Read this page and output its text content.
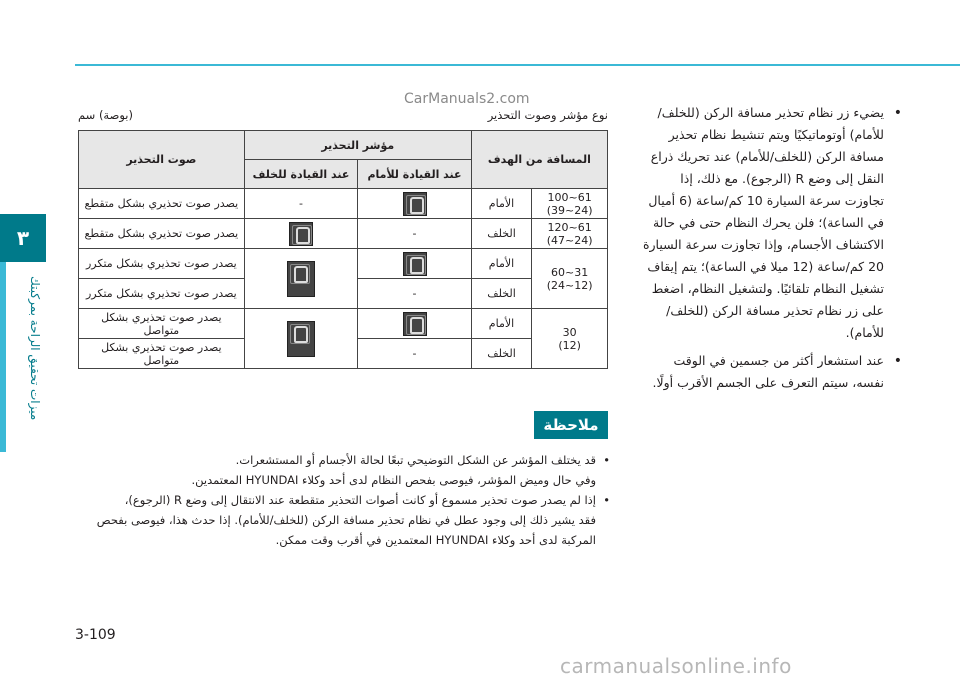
٣
ميزات تحقيق الراحة بمركبتك
CarManuals2.com

• يضيء زر نظام تحذير مسافة الركن (للخلف/ للأمام) أوتوماتيكيًا ويتم تنشيط نظام تحذير مسافة الركن (للخلف/للأمام) عند تحريك ذراع النقل إلى وضع R (الرجوع). مع ذلك، إذا تجاوزت سرعة السيارة 10 كم/ساعة (6 أميال في الساعة)؛ فلن يحرك النظام حتى في حالة الاكتشاف الأجسام، وإذا تجاوزت سرعة السيارة 20 كم/ساعة (12 ميلا في الساعة)؛ يتم إيقاف تشغيل النظام تلقائيًا. ولتشغيل النظام، اضغط على زر نظام تحذير مسافة الركن (للخلف/للأمام).

• عند استشعار أكثر من جسمين في الوقت نفسه، سيتم التعرف على الجسم الأقرب أولًا.

نوع مؤشر وصوت التحذير
(بوصة) سم
المسافة من الهدف		مؤشر التحذير		صوت التحذير
		عند القيادة للأمام	عند القيادة للخلف	

61~100
(24~39)	الأمام		-	يصدر صوت تحذيري بشكل متقطع

61~120
(24~47)	الخلف	-		يصدر صوت تحذيري بشكل متقطع

31~60
(12~24)	الأمام			يصدر صوت تحذيري بشكل متكرر
	الخلف	-		يصدر صوت تحذيري بشكل متكرر

30
(12)	الأمام			يصدر صوت تحذيري بشكل متواصل
	الخلف	-		يصدر صوت تحذيري بشكل متواصل
ملاحظة

• قد يختلف المؤشر عن الشكل التوضيحي تبعًا لحالة الأجسام أو المستشعرات.

وفي حال وميض المؤشر، فيوصى بفحص النظام لدى أحد وكلاء HYUNDAI المعتمدين.

• إذا لم يصدر صوت تحذير مسموع أو كانت أصوات التحذير متقطعة عند الانتقال إلى وضع R (الرجوع)،

فقد يشير ذلك إلى وجود عطل في نظام تحذير مسافة الركن (للخلف/للأمام). إذا حدث هذا، فيوصى بفحص

المركبة لدى أحد وكلاء HYUNDAI المعتمدين في أقرب وقت ممكن.

3-109
carmanualsonline.info
